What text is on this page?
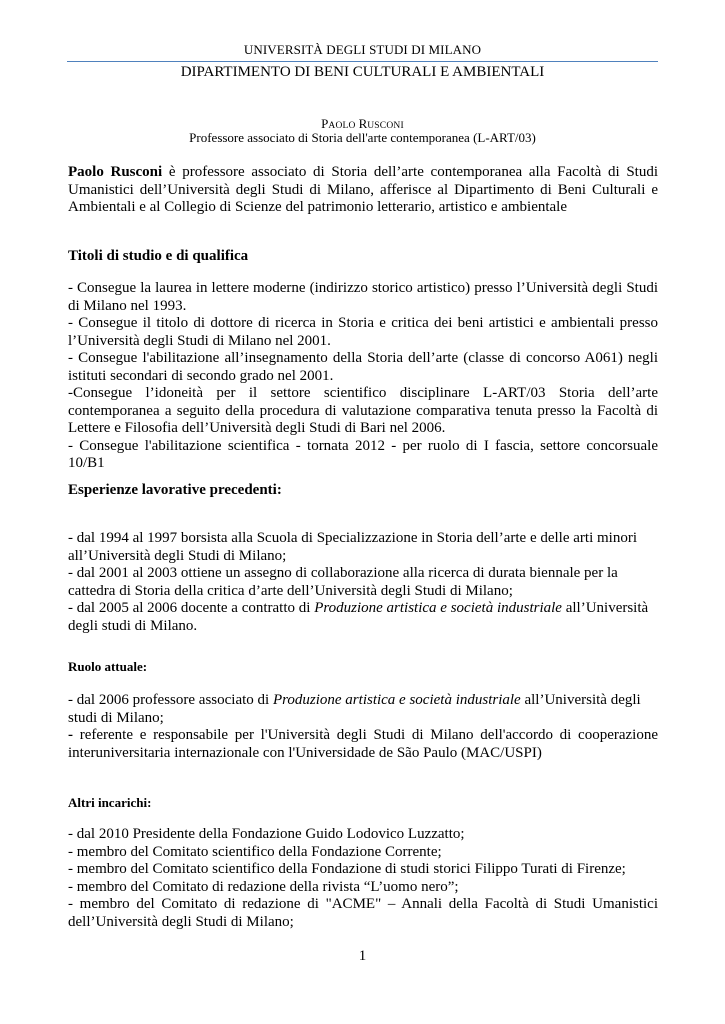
UNIVERSITÀ DEGLI STUDI DI MILANO
DIPARTIMENTO DI BENI CULTURALI E AMBIENTALI
PAOLO RUSCONI
Professore associato di Storia dell'arte contemporanea (L-ART/03)
Paolo Rusconi è professore associato di Storia dell’arte contemporanea alla Facoltà di Studi Umanistici dell’Università degli Studi di Milano, afferisce al Dipartimento di Beni Culturali e Ambientali e al Collegio di Scienze del patrimonio letterario, artistico e ambientale
Titoli di studio e di qualifica
- Consegue la laurea in lettere moderne (indirizzo storico artistico) presso l’Università degli Studi di Milano nel 1993.
- Consegue il titolo di dottore di ricerca in Storia e critica dei beni artistici e ambientali presso l’Università degli Studi di Milano nel 2001.
- Consegue l'abilitazione all’insegnamento della Storia dell’arte (classe di concorso A061) negli istituti secondari di secondo grado nel 2001.
-Consegue l’idoneità per il settore scientifico disciplinare L-ART/03 Storia dell’arte contemporanea a seguito della procedura di valutazione comparativa tenuta presso la Facoltà di Lettere e Filosofia dell’Università degli Studi di Bari nel 2006.
- Consegue l'abilitazione scientifica - tornata 2012 - per ruolo di I fascia, settore concorsuale 10/B1
Esperienze lavorative precedenti:
- dal 1994 al 1997 borsista alla Scuola di Specializzazione in Storia dell’arte e delle arti minori all’Università degli Studi di Milano;
- dal 2001 al 2003 ottiene un assegno di collaborazione alla ricerca di durata biennale per la cattedra di Storia della critica d’arte dell’Università degli Studi di Milano;
- dal 2005 al 2006 docente a contratto di Produzione artistica e società industriale all’Università degli studi di Milano.
Ruolo attuale:
- dal 2006 professore associato di Produzione artistica e società industriale all’Università degli studi di Milano;
- referente e responsabile per l'Università degli Studi di Milano dell'accordo di cooperazione interuniversitaria internazionale con l'Universidade de São Paulo (MAC/USPI)
Altri incarichi:
- dal 2010 Presidente della Fondazione Guido Lodovico Luzzatto;
- membro del Comitato scientifico della Fondazione Corrente;
- membro del Comitato scientifico della Fondazione di studi storici Filippo Turati di Firenze;
- membro del Comitato di redazione della rivista “L’uomo nero”;
- membro del Comitato di redazione di "ACME" – Annali della Facoltà di Studi Umanistici dell’Università degli Studi di Milano;
1
